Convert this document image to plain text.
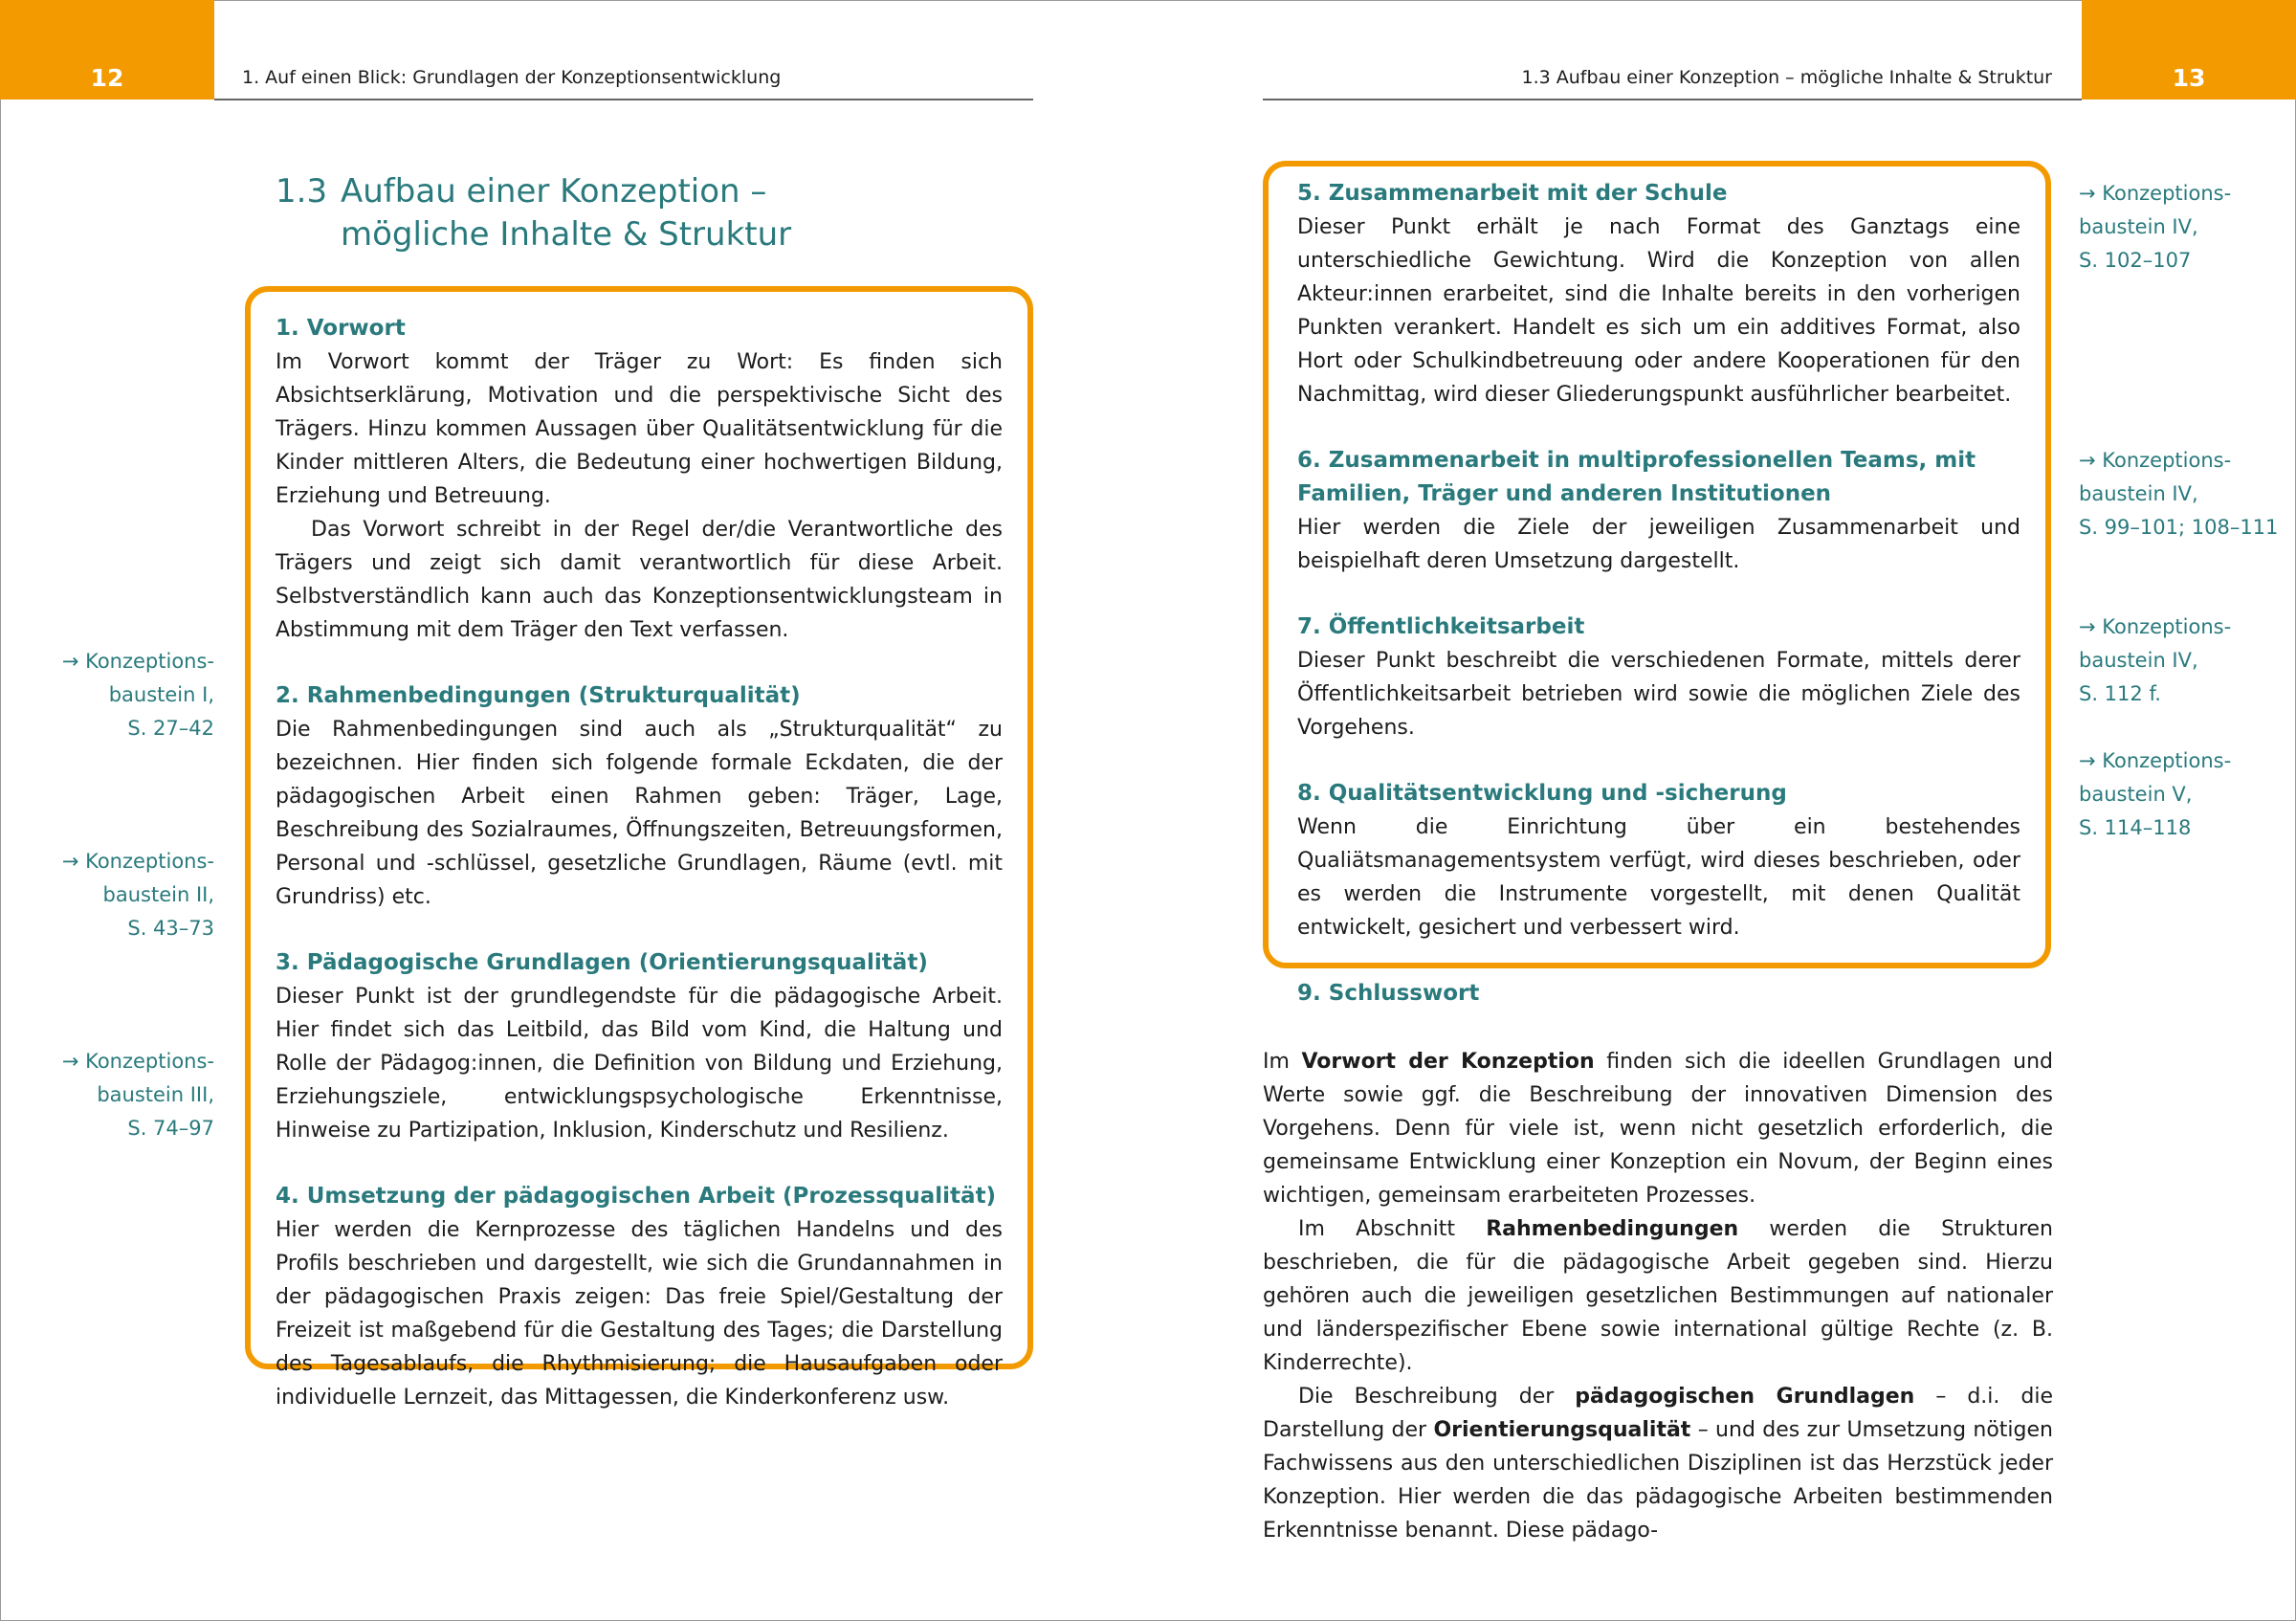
12	1. Auf einen Blick: Grundlagen der Konzeptionsentwicklung	1.3 Aufbau einer Konzeption – mögliche Inhalte & Struktur	13
1.3 Aufbau einer Konzeption –
mögliche Inhalte & Struktur
1. Vorwort

Im Vorwort kommt der Träger zu Wort: Es finden sich Absichtserklärung, Motivation und die perspektivische Sicht des Trägers. Hinzu kommen Aussagen über Qualitätsentwicklung für die Kinder mittleren Alters, die Bedeutung einer hochwertigen Bildung, Erziehung und Betreuung.

Das Vorwort schreibt in der Regel der/die Verantwortliche des Trägers und zeigt sich damit verantwortlich für diese Arbeit. Selbstverständlich kann auch das Konzeptionsentwicklungsteam in Abstimmung mit dem Träger den Text verfassen.

2. Rahmenbedingungen (Strukturqualität)

Die Rahmenbedingungen sind auch als „Strukturqualität“ zu bezeichnen. Hier finden sich folgende formale Eckdaten, die der pädagogischen Arbeit einen Rahmen geben: Träger, Lage, Beschreibung des Sozialraumes, Öffnungszeiten, Betreuungsformen, Personal und -schlüssel, gesetzliche Grundlagen, Räume (evtl. mit Grundriss) etc.

3. Pädagogische Grundlagen (Orientierungsqualität)

Dieser Punkt ist der grundlegendste für die pädagogische Arbeit. Hier findet sich das Leitbild, das Bild vom Kind, die Haltung und Rolle der Pädagog:innen, die Definition von Bildung und Erziehung, Erziehungsziele, entwicklungspsychologische Erkenntnisse, Hinweise zu Partizipation, Inklusion, Kinderschutz und Resilienz.

4. Umsetzung der pädagogischen Arbeit (Prozessqualität)

Hier werden die Kernprozesse des täglichen Handelns und des Profils beschrieben und dargestellt, wie sich die Grundannahmen in der pädagogischen Praxis zeigen: Das freie Spiel/Gestaltung der Freizeit ist maßgebend für die Gestaltung des Tages; die Darstellung des Tagesablaufs, die Rhythmisierung; die Hausaufgaben oder individuelle Lernzeit, das Mittagessen, die Kinderkonferenz usw.

5. Zusammenarbeit mit der Schule

Dieser Punkt erhält je nach Format des Ganztags eine unterschiedliche Gewichtung. Wird die Konzeption von allen Akteur:innen erarbeitet, sind die Inhalte bereits in den vorherigen Punkten verankert. Handelt es sich um ein additives Format, also Hort oder Schulkindbetreuung oder andere Kooperationen für den Nachmittag, wird dieser Gliederungspunkt ausführlicher bearbeitet.

6. Zusammenarbeit in multiprofessionellen Teams, mit Familien, Träger und anderen Institutionen

Hier werden die Ziele der jeweiligen Zusammenarbeit und beispielhaft deren Umsetzung dargestellt.

7. Öffentlichkeitsarbeit

Dieser Punkt beschreibt die verschiedenen Formate, mittels derer Öffentlichkeitsarbeit betrieben wird sowie die möglichen Ziele des Vorgehens.

8. Qualitätsentwicklung und -sicherung

Wenn die Einrichtung über ein bestehendes Qualiätsmanagementsystem verfügt, wird dieses beschrieben, oder es werden die Instrumente vorgestellt, mit denen Qualität entwickelt, gesichert und verbessert wird.

9. Schlusswort
→ Konzeptions-
baustein I,
S. 27–42
→ Konzeptions-
baustein II,
S. 43–73
→ Konzeptions-
baustein III,
S. 74–97
→ Konzeptions-
baustein IV,
S. 102–107
→ Konzeptions-
baustein IV,
S. 99–101; 108–111
→ Konzeptions-
baustein IV,
S. 112 f.
→ Konzeptions-
baustein V,
S. 114–118

Im Vorwort der Konzeption finden sich die ideellen Grundlagen und Werte sowie ggf. die Beschreibung der innovativen Dimension des Vorgehens. Denn für viele ist, wenn nicht gesetzlich erforderlich, die gemeinsame Entwicklung einer Konzeption ein Novum, der Beginn eines wichtigen, gemeinsam erarbeiteten Prozesses.

Im Abschnitt Rahmenbedingungen werden die Strukturen beschrieben, die für die pädagogische Arbeit gegeben sind. Hierzu gehören auch die jeweiligen gesetzlichen Bestimmungen auf nationaler und länderspezifischer Ebene sowie international gültige Rechte (z. B. Kinderrechte).

Die Beschreibung der pädagogischen Grundlagen – d.i. die Darstellung der Orientierungsqualität – und des zur Umsetzung nötigen Fachwissens aus den unterschiedlichen Disziplinen ist das Herzstück jeder Konzeption. Hier werden die das pädagogische Arbeiten bestimmenden Erkenntnisse benannt. Diese pädago-
